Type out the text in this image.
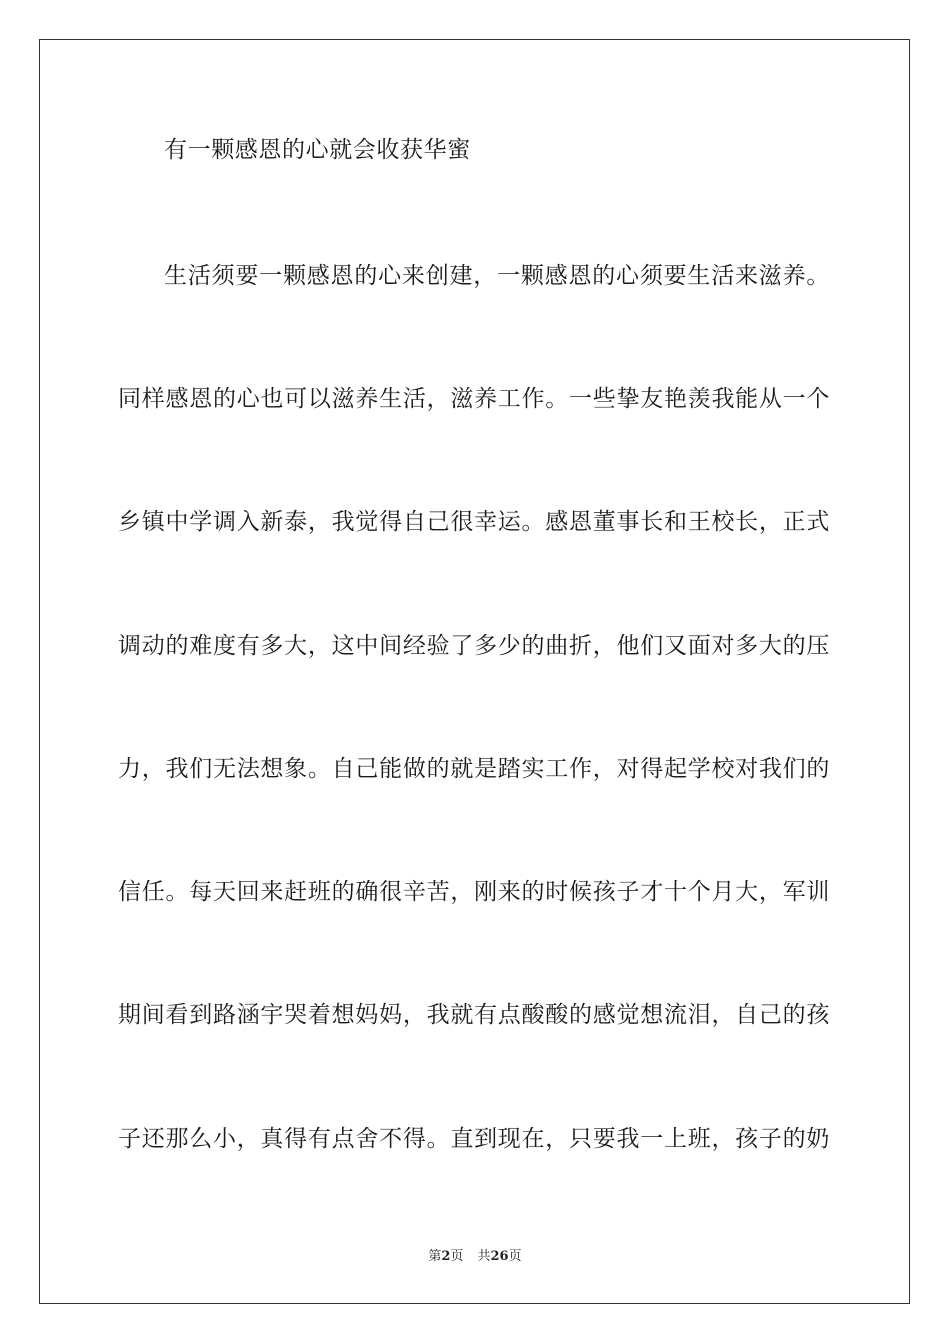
有一颗感恩的心就会收获华蜜
生活须要一颗感恩的心来创建，一颗感恩的心须要生活来滋养。
同样感恩的心也可以滋养生活，滋养工作。一些挚友艳羡我能从一个
乡镇中学调入新泰，我觉得自己很幸运。感恩董事长和王校长，正式
调动的难度有多大，这中间经验了多少的曲折，他们又面对多大的压
力，我们无法想象。自己能做的就是踏实工作，对得起学校对我们的
信任。每天回来赶班的确很辛苦，刚来的时候孩子才十个月大，军训
期间看到路涵宇哭着想妈妈，我就有点酸酸的感觉想流泪，自己的孩
子还那么小，真得有点舍不得。直到现在，只要我一上班，孩子的奶
第2页 共26页
